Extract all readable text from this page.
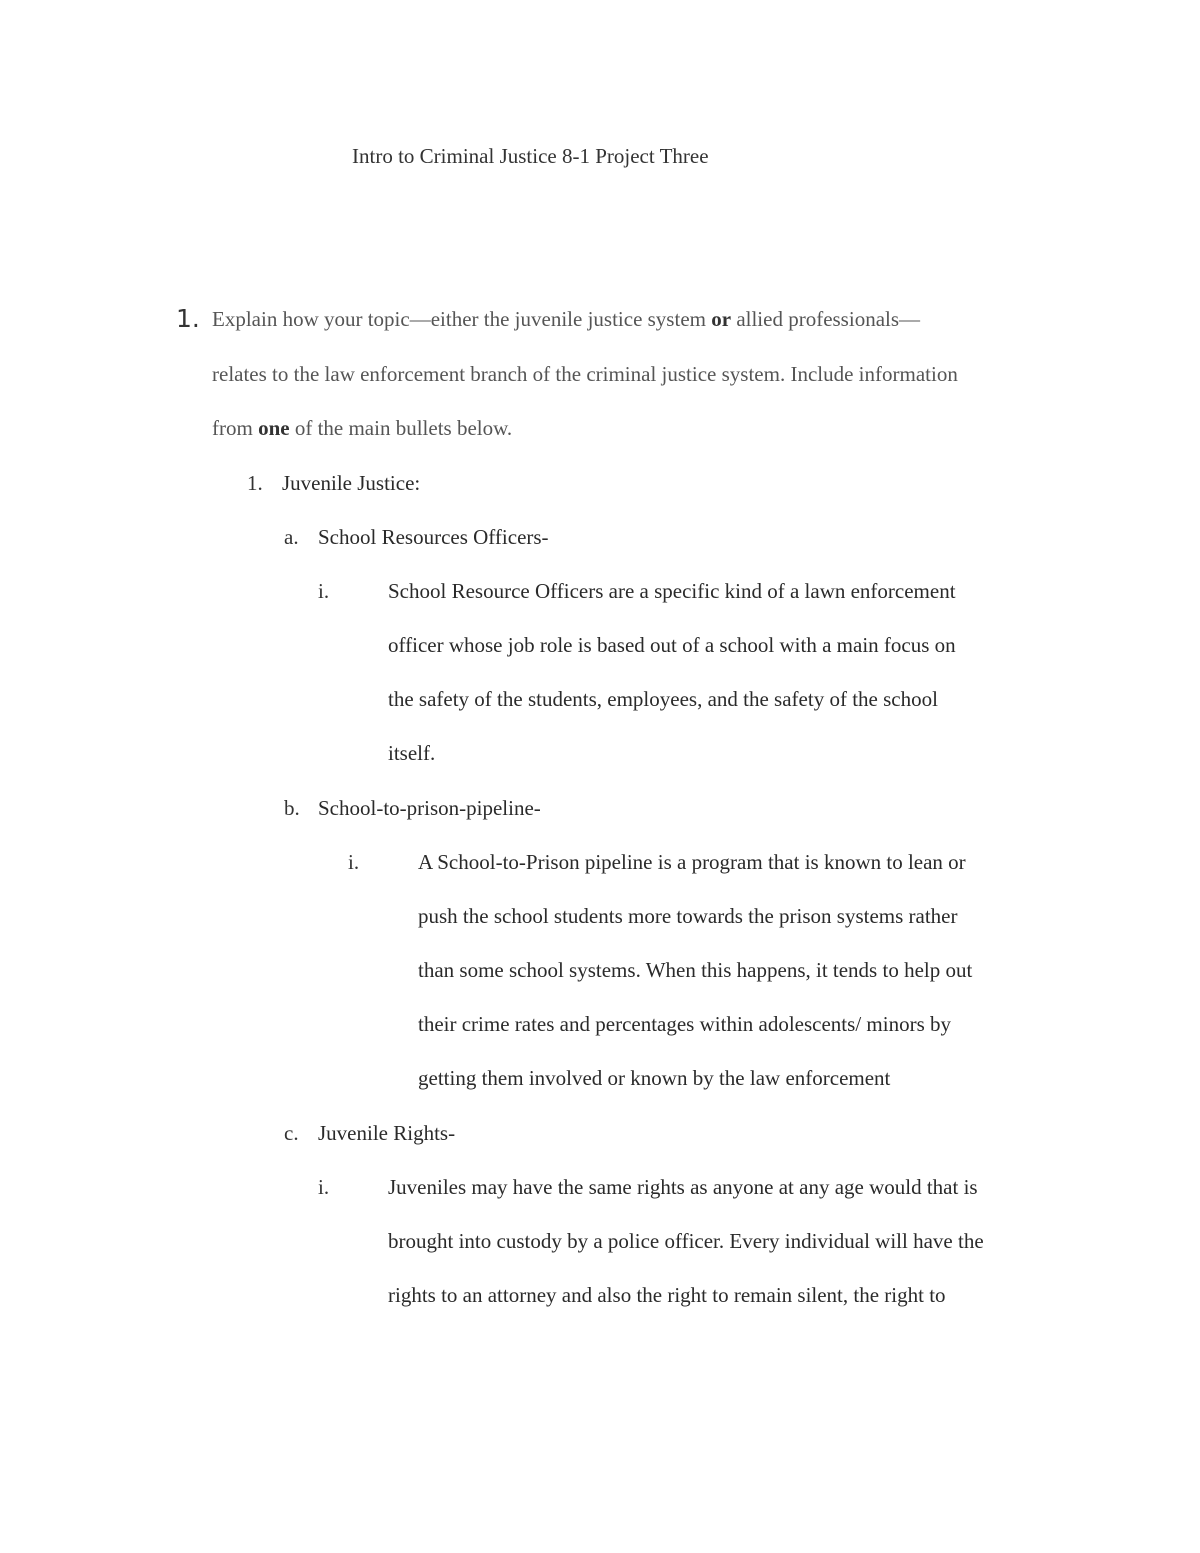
Intro to Criminal Justice 8-1 Project Three
1. Explain how your topic—either the juvenile justice system or allied professionals—
relates to the law enforcement branch of the criminal justice system. Include information
from one of the main bullets below.
1. Juvenile Justice:
a. School Resources Officers-
i.	School Resource Officers are a specific kind of a lawn enforcement
officer whose job role is based out of a school with a main focus on
the safety of the students, employees, and the safety of the school
itself.
b. School-to-prison-pipeline-
i.	A School-to-Prison pipeline is a program that is known to lean or
push the school students more towards the prison systems rather
than some school systems. When this happens, it tends to help out
their crime rates and percentages within adolescents/ minors by
getting them involved or known by the law enforcement
c. Juvenile Rights-
i.	Juveniles may have the same rights as anyone at any age would that is
brought into custody by a police officer. Every individual will have the
rights to an attorney and also the right to remain silent, the right to
